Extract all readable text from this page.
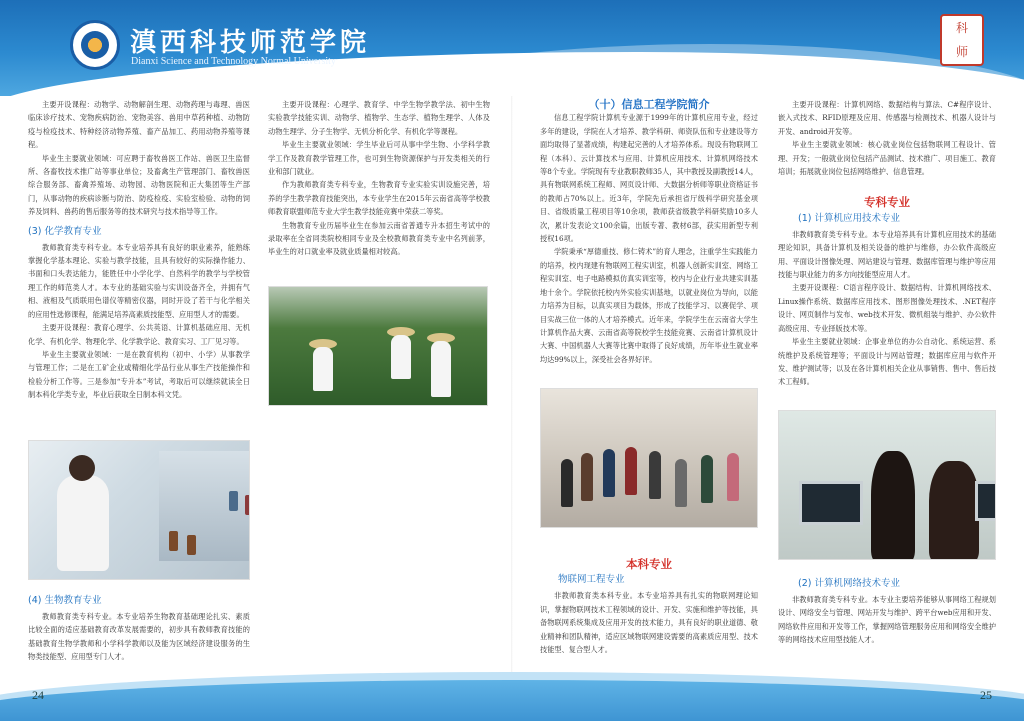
滇西科技师范学院
Dianxi Science and Technology Normal University
科
师

主要开设课程：动物学、动物解剖生理、动物药理与毒理、兽医临床诊疗技术、宠物疾病防治、宠物美容、兽用中草药种植、动物防疫与检疫技术、特种经济动物养殖、畜产品加工、药用动物养殖等课程。

毕业生主要就业领域：可应聘于畜牧兽医工作站、兽医卫生监督所、各畜牧技术推广站等事业单位；及畜禽生产管理部门、畜牧兽医综合服务部、畜禽养殖场、动物园、动物医院和正大集团等生产部门，从事动物的疾病诊断与防治、防疫检疫、实验室检验、动物的饲养及饲料、兽药的售后服务等的技术研究与技术指导等工作。

(3) 化学教育专业

教师教育类专科专业。本专业培养具有良好的职业素养，能熟练掌握化学基本理论、实验与教学技能，且具有较好的实际操作能力、书面和口头表达能力，能胜任中小学化学、自然科学的教学与学校管理工作的师范类人才。本专业的基础实验与实训设备齐全，并拥有气相、液相及气质联用色谱仪等精密仪器，同时开设了若干与化学相关的应用性选修课程，能满足培养高素质技能型、应用型人才的需要。

主要开设课程：教育心理学、公共英语、计算机基础应用、无机化学、有机化学、物理化学、化学教学论、教育实习、工厂见习等。

毕业生主要就业领域：一是在教育机构（初中、小学）从事教学与管理工作；二是在工矿企业或精细化学品行业从事生产技能操作和检验分析工作等。三是参加“专升本”考试，考取后可以继续就读全日制本科化学类专业，毕业后获取全日制本科文凭。

(4) 生物教育专业

教师教育类专科专业。本专业培养生物教育基础理论扎实、素质比较全面的适应基础教育改革发展需要的，初步具有教师教育技能的基础教育生物学教师和小学科学教师以及能为区域经济建设服务的生物类技能型、应用型专门人才。

主要开设课程：心理学、教育学、中学生物学教学法、初中生物实验教学技能实训、动物学、植物学、生态学、植物生理学、人体及动物生理学、分子生物学、无机分析化学、有机化学等课程。

毕业生主要就业领域：学生毕业后可从事中学生物、小学科学教学工作及教育教学管理工作，也可到生物资源保护与开发类相关的行业和部门就业。

作为教师教育类专科专业，生物教育专业实验实训设施完善，培养的学生教学教育技能突出，本专业学生在2015年云南省高等学校教师教育联盟师范专业大学生教学技能竞赛中荣获二等奖。

生物教育专业历届毕业生在参加云南省普通专升本招生考试中的录取率在全省同类院校相同专业及全校教师教育类专业中名列前茅，毕业生的对口就业率及就业质量相对较高。

（十）信息工程学院简介

信息工程学院计算机专业源于1999年的计算机应用专业，经过多年的建设，学院在人才培养、教学科研、师资队伍和专业建设等方面均取得了显著成绩，构建起完善的人才培养体系。现设有物联网工程（本科）、云计算技术与应用、计算机应用技术、计算机网络技术等8个专业。学院现有专业教职教师35人，其中教授及副教授14人，具有物联网系统工程师、网页设计师、大数据分析师等职业资格证书的教师占70%以上。近3年，学院先后承担省厅级科学研究基金项目、省级质量工程项目等10余项，教师获省级教学科研奖励10多人次，累计发表论文100余篇，出版专著、教材6部，获实用新型专利授权16项。

学院秉承“厚德重技、修仁铸术”的育人理念，注重学生实践能力的培养，校内现建有物联网工程实训室，机器人创新实训室、网络工程实训室、电子电路模拟仿真实训室等，校内与企业行业共建实训基地十余个。学院依托校内外实验实训基地，以就业岗位为导向，以能力培养为目标，以真实项目为载体，形成了技能学习、以赛促学、项目实战三位一体的人才培养模式。近年来，学院学生在云南省大学生计算机作品大赛、云南省高等院校学生技能竞赛、云南省计算机设计大赛、中国机器人大赛等比赛中取得了良好成绩，历年毕业生就业率均达99%以上，深受社会各界好评。

本科专业
物联网工程专业

非教师教育类本科专业。本专业培养具有扎实的物联网理论知识，掌握物联网技术工程领域的设计、开发、实施和维护等技能，具备物联网系统集成及应用开发的技术能力，具有良好的职业道德、敬业精神和团队精神，适应区域物联网建设需要的高素质应用型、技术技能型、复合型人才。

主要开设课程：计算机网络、数据结构与算法、C#程序设计、嵌入式技术、RFID原理及应用、传感器与检测技术、机器人设计与开发、android开发等。

毕业生主要就业领域：核心就业岗位包括物联网工程设计、管理、开发；一般就业岗位包括产品测试、技术推广、项目施工、教育培训；拓展就业岗位包括网络维护、信息管理。

专科专业
(1) 计算机应用技术专业

非教师教育类专科专业。本专业培养具有计算机应用技术的基础理论知识，具备计算机及相关设备的维护与维修，办公软件高级应用、平面设计图像处理、网站建设与管理、数据库管理与维护等应用技能与职业能力的多方向技能型应用人才。

主要开设课程：C语言程序设计、数据结构、计算机网络技术、Linux操作系统、数据库应用技术、图形图像处理技术、.NET程序设计、网页制作与发布、web技术开发、微机组装与维护、办公软件高级应用、专业择版技术等。

毕业生主要就业领域：企事业单位的办公自动化、系统运营、系统维护及系统管理等；平面设计与网站管理；数据库应用与软件开发、维护测试等；以及在各计算机相关企业从事销售、售中、售后技术工程师。

(2) 计算机网络技术专业

非教师教育类专科专业。本专业主要培养能够从事网络工程规划设计、网络安全与管理、网站开发与维护、跨平台web应用和开发、网络软件应用和开发等工作，掌握网络管理服务应用和网络安全维护等的网络技术应用型技能人才。

24	25
